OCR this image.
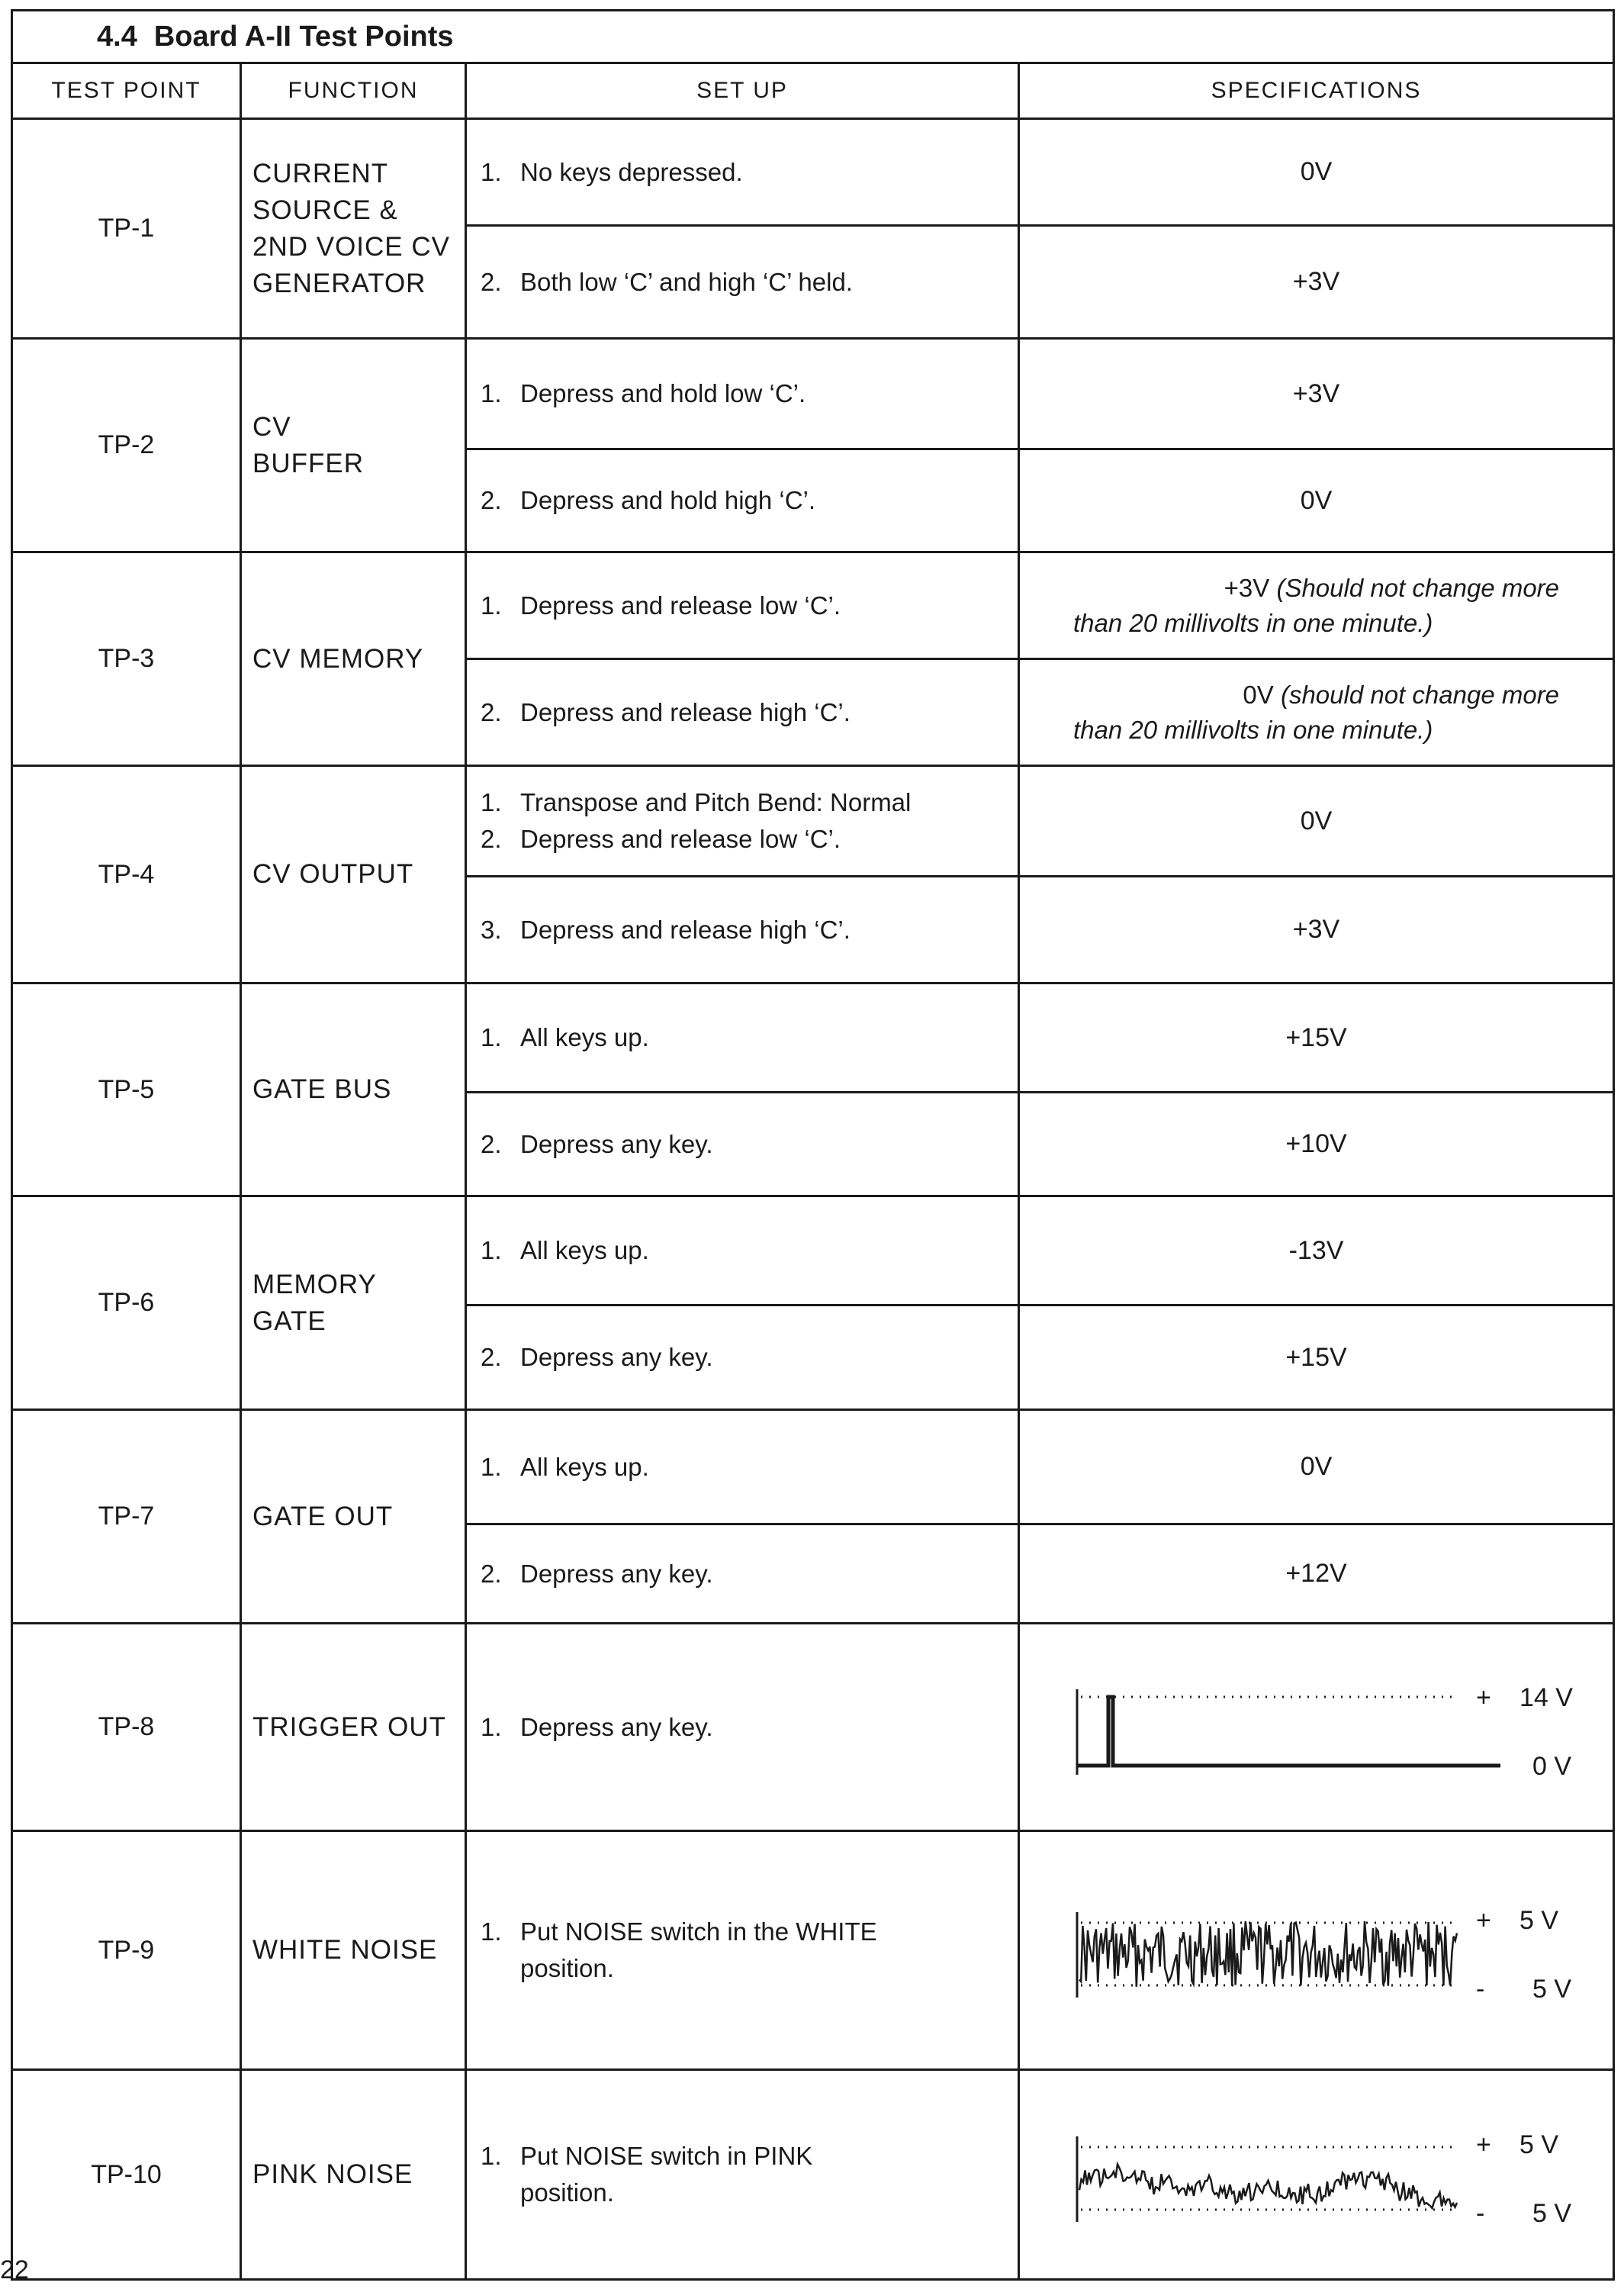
4.4 Board A-II Test Points			
TEST POINT	FUNCTION	SET UP	SPECIFICATIONS
TP-1	CURRENT
SOURCE &
2ND VOICE CV
GENERATOR	1. No keys depressed.	0V

		2. Both low ‘C’ and high ‘C’ held.	+3V
TP-2	CV
BUFFER	1. Depress and hold low ‘C’.	+3V

		2. Depress and hold high ‘C’.	0V
TP-3	CV MEMORY	1. Depress and release low ‘C’.	+3V (Should not change more
than 20 millivolts in one minute.)

		2. Depress and release high ‘C’.	0V (should not change more
than 20 millivolts in one minute.)

TP-4	CV OUTPUT	1. Transpose and Pitch Bend: Normal
2. Depress and release low ‘C’.	0V

		3. Depress and release high ‘C’.	+3V
TP-5	GATE BUS	1. All keys up.	+15V

		2. Depress any key.	+10V
TP-6	MEMORY
GATE	1. All keys up.	-13V

		2. Depress any key.	+15V
TP-7	GATE OUT	1. All keys up.	0V

		2. Depress any key.	+12V
TP-8	TRIGGER OUT	1. Depress any key.	+ 14 V
0 V

TP-9	WHITE NOISE	1. Put NOISE switch in the WHITE
position.	+ 5 V
- 5 V

TP-10	PINK NOISE	1. Put NOISE switch in PINK
position.	+ 5 V
- 5 V
22
